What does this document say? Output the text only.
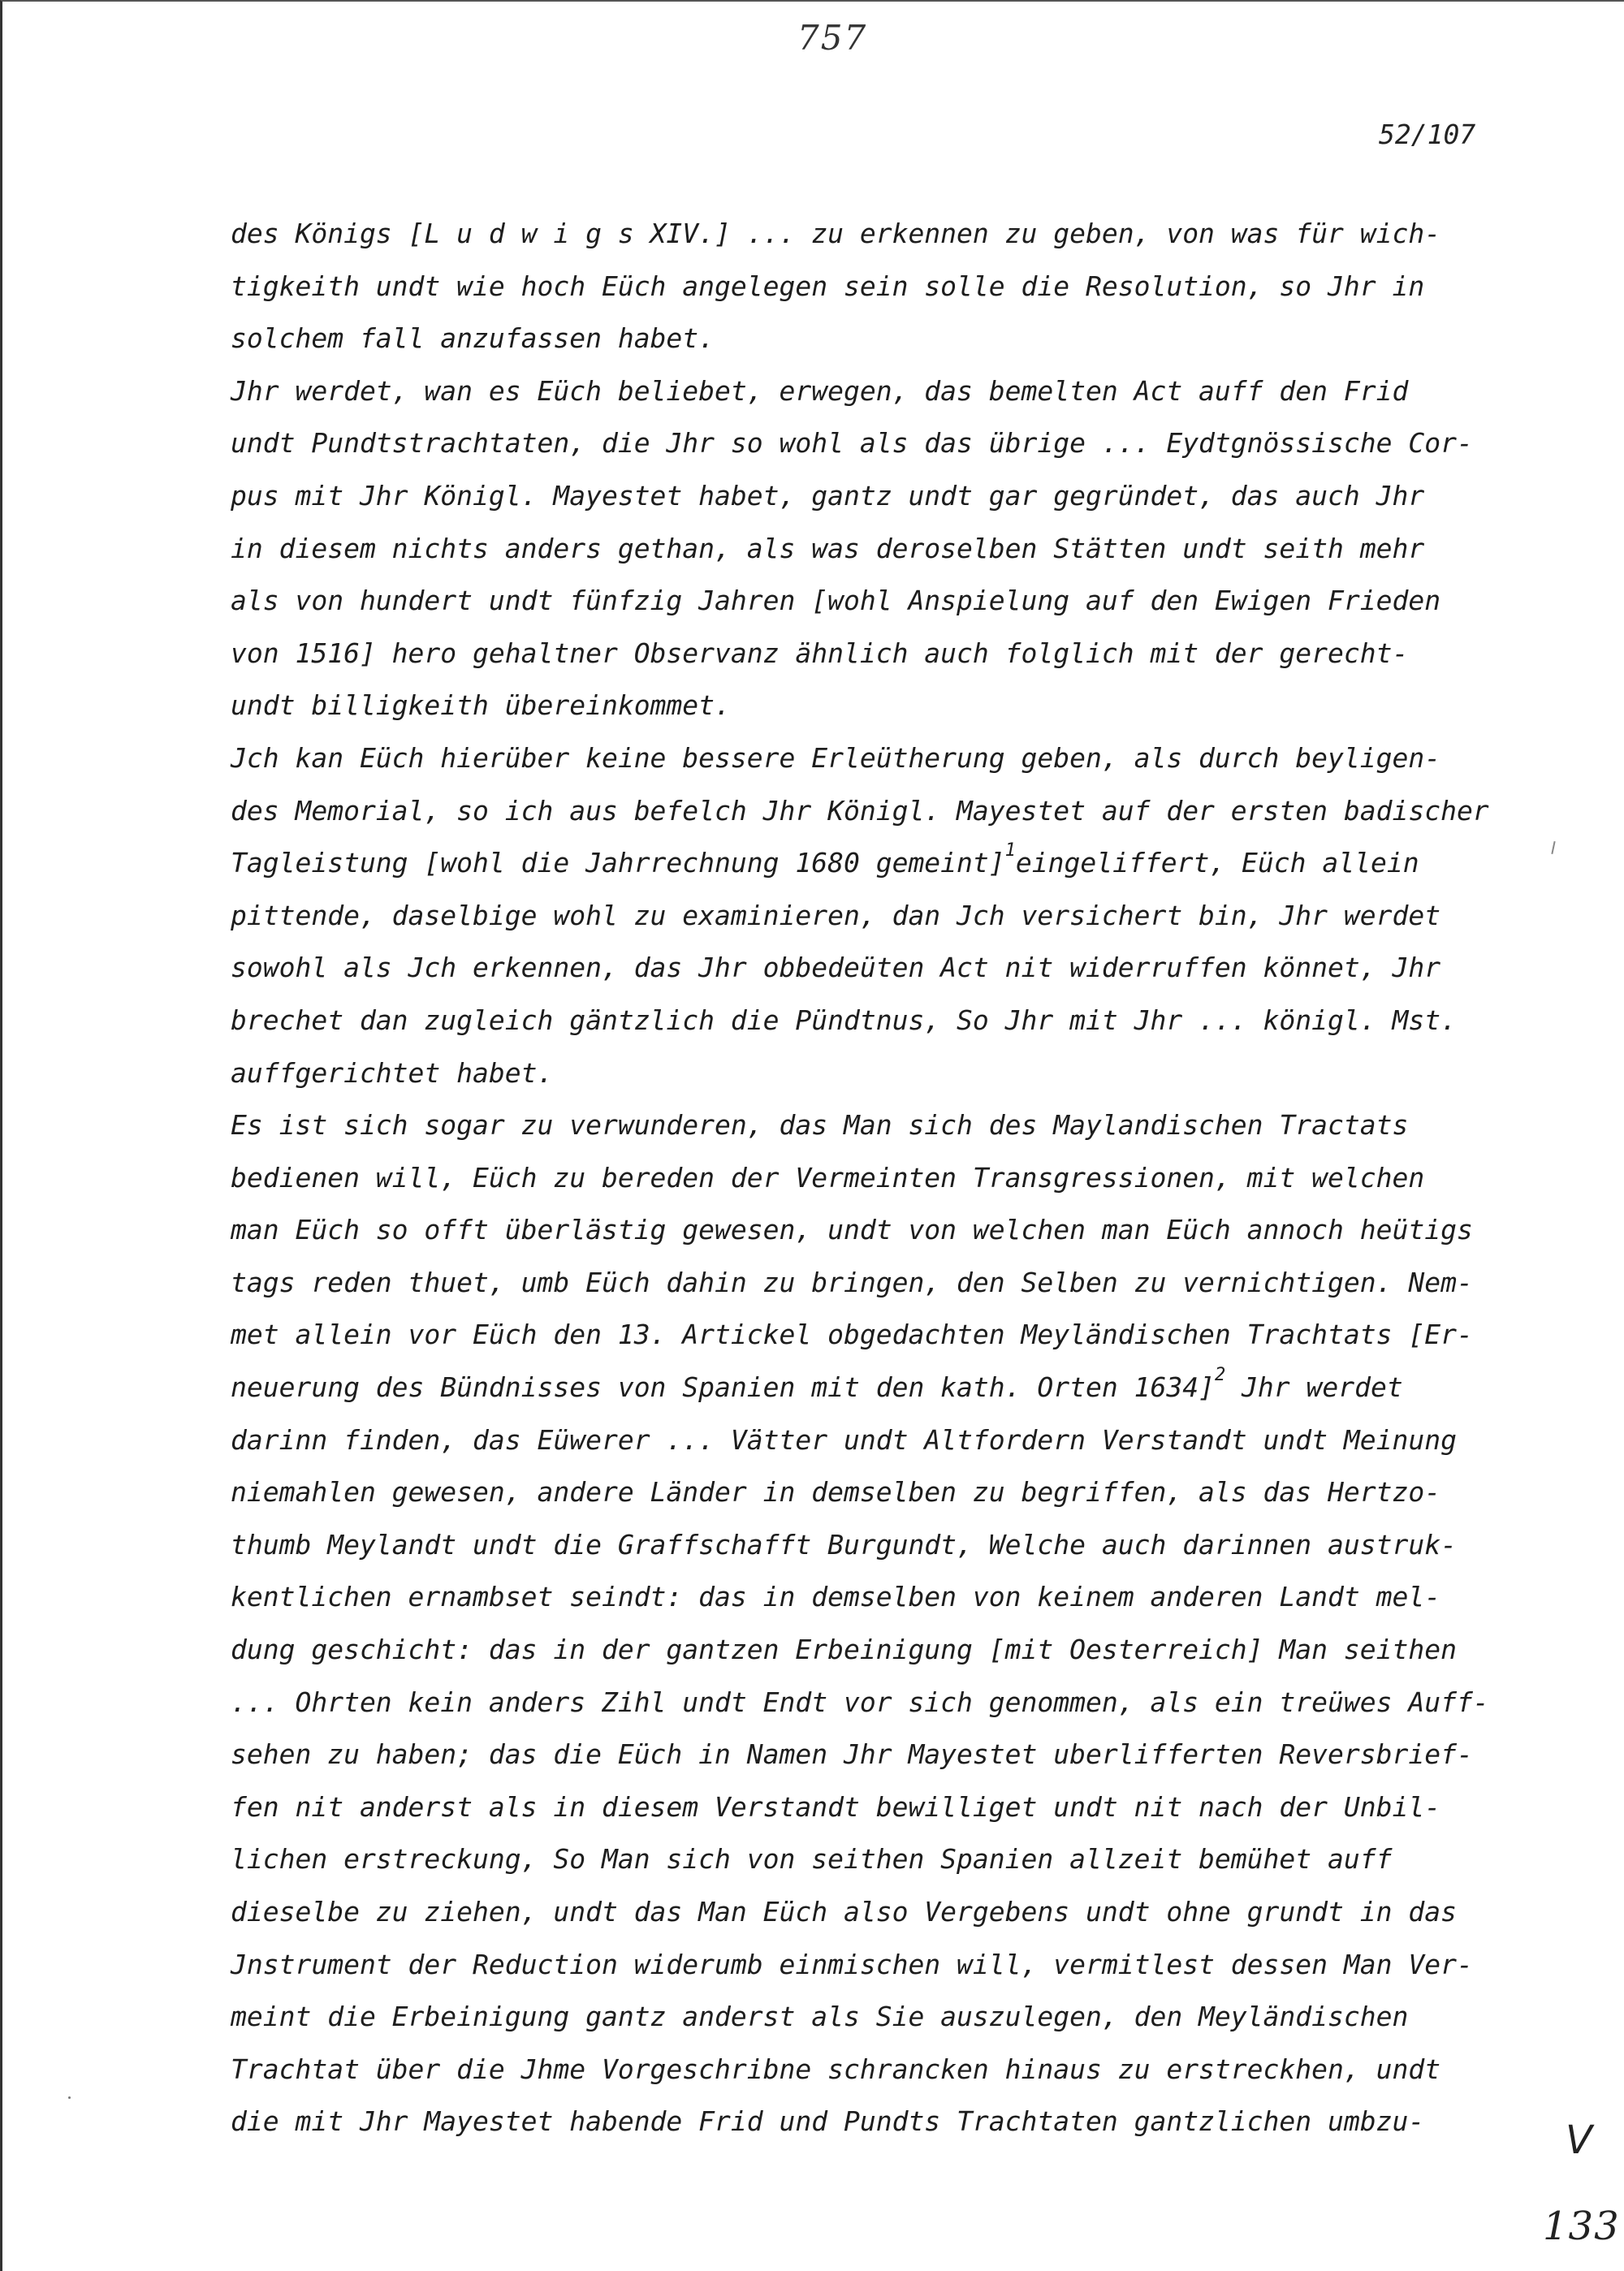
757
52/107
des Königs [L u d w i g s XIV.] ... zu erkennen zu geben, von was für wich-
tigkeith undt wie hoch Eüch angelegen sein solle die Resolution, so Jhr in
solchem fall anzufassen habet.
Jhr werdet, wan es Eüch beliebet, erwegen, das bemelten Act auff den Frid
undt Pundtstrachtaten, die Jhr so wohl als das übrige ... Eydtgnössische Cor-
pus mit Jhr Königl. Mayestet habet, gantz undt gar gegründet, das auch Jhr
in diesem nichts anders gethan, als was deroselben Stätten undt seith mehr
als von hundert undt fünfzig Jahren [wohl Anspielung auf den Ewigen Frieden
von 1516] hero gehaltner Observanz ähnlich auch folglich mit der gerecht-
undt billigkeith übereinkommet.
Jch kan Eüch hierüber keine bessere Erleütherung geben, als durch beyligen-
des Memorial, so ich aus befelch Jhr Königl. Mayestet auf der ersten badischer
Tagleistung [wohl die Jahrrechnung 1680 gemeint]$^1$eingeliffert, Eüch allein
pittende, daselbige wohl zu examinieren, dan Jch versichert bin, Jhr werdet
sowohl als Jch erkennen, das Jhr obbedeüten Act nit widerruffen könnet, Jhr
brechet dan zugleich gäntzlich die Pündtnus, So Jhr mit Jhr ... königl. Mst.
auffgerichtet habet.
Es ist sich sogar zu verwunderen, das Man sich des Maylandischen Tractats
bedienen will, Eüch zu bereden der Vermeinten Transgressionen, mit welchen
man Eüch so offt überlästig gewesen, undt von welchen man Eüch annoch heütigs
tags reden thuet, umb Eüch dahin zu bringen, den Selben zu vernichtigen. Nem-
met allein vor Eüch den 13. Artickel obgedachten Meyländischen Trachtats [Er-
neuerung des Bündnisses von Spanien mit den kath. Orten 1634]$^2$ Jhr werdet
darinn finden, das Eüwerer ... Vätter undt Altfordern Verstandt undt Meinung
niemahlen gewesen, andere Länder in demselben zu begriffen, als das Hertzo-
thumb Meylandt undt die Graffschafft Burgundt, Welche auch darinnen austruk-
kentlichen ernambset seindt: das in demselben von keinem anderen Landt mel-
dung geschicht: das in der gantzen Erbeinigung [mit Oesterreich] Man seithen
... Ohrten kein anders Zihl undt Endt vor sich genommen, als ein treüwes Auff-
sehen zu haben; das die Eüch in Namen Jhr Mayestet uberlifferten Reversbrief-
fen nit anderst als in diesem Verstandt bewilliget undt nit nach der Unbil-
lichen erstreckung, So Man sich von seithen Spanien allzeit bemühet auff
dieselbe zu ziehen, undt das Man Eüch also Vergebens undt ohne grundt in das
Jnstrument der Reduction widerumb einmischen will, vermitlest dessen Man Ver-
meint die Erbeinigung gantz anderst als Sie auszulegen, den Meyländischen
Trachtat über die Jhme Vorgeschribne schrancken hinaus zu erstreckhen, undt
die mit Jhr Mayestet habende Frid und Pundts Trachtaten gantzlichen umbzu-	V
133
